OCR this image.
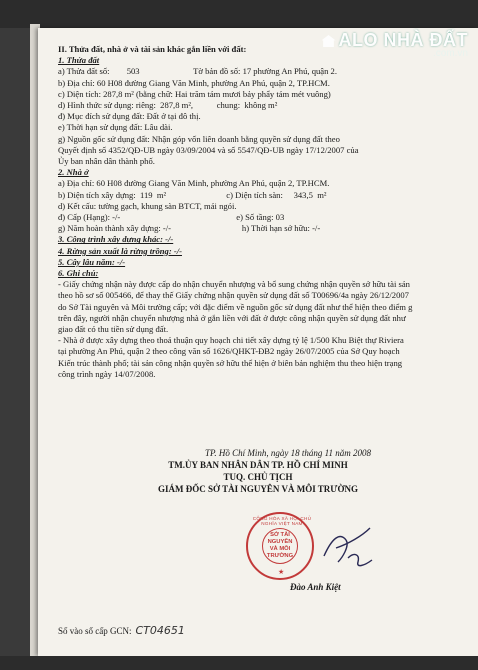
ALO NHÀ ĐẤT
.com.vn
II. Thửa đất, nhà ở và tài sản khác gắn liền với đất:
1. Thửa đất
a) Thửa đất số:        503                         Tờ bản đồ số: 17 phường An Phú, quận 2.
b) Địa chỉ: 60 H08 đường Giang Văn Minh, phường An Phú, quận 2, TP.HCM.
c) Diện tích: 287,8 m² (bằng chữ: Hai trăm tám mươi bảy phẩy tám mét vuông)
d) Hình thức sử dụng: riêng:  287,8 m²,           chung:  không m²
đ) Mục đích sử dụng đất: Đất ở tại đô thị.
e) Thời hạn sử dụng đất: Lâu dài.
g) Nguồn gốc sử dụng đất: Nhận góp vốn liên doanh bằng quyền sử dụng đất theo
Quyết định số 4352/QĐ-UB ngày 03/09/2004 và số 5547/QĐ-UB ngày 17/12/2007 của
Ủy ban nhân dân thành phố.
2. Nhà ở
a) Địa chỉ: 60 H08 đường Giang Văn Minh, phường An Phú, quận 2, TP.HCM.
b) Diện tích xây dựng:  119  m²                            c) Diện tích sàn:     343,5  m²
d) Kết cấu: tường gạch, khung sàn BTCT, mái ngói.
đ) Cấp (Hạng): -/-                                                      e) Số tầng: 03
g) Năm hoàn thành xây dựng: -/-                                 h) Thời hạn sở hữu: -/-
3. Công trình xây dựng khác: -/-
4. Rừng sản xuất là rừng trồng: -/-
5. Cây lâu năm: -/-
6. Ghi chú:
- Giấy chứng nhận này được cấp do nhận chuyển nhượng và bổ sung chứng nhận quyền sở hữu tài sản
theo hồ sơ số 005466, để thay thế Giấy chứng nhận quyền sử dụng đất số T00696/4a ngày 26/12/2007
do Sở Tài nguyên và Môi trường cấp; với đặc điểm về nguồn gốc sử dụng đất như thể hiện theo điểm g
trên đây, người nhận chuyển nhượng nhà ở gắn liền với đất ở được công nhận quyền sử dụng đất như
giao đất có thu tiền sử dụng đất.
- Nhà ở được xây dựng theo thoả thuận quy hoạch chi tiết xây dựng tỷ lệ 1/500 Khu Biệt thự Riviera
tại phường An Phú, quận 2 theo công văn số 1626/QHKT-ĐB2 ngày 26/07/2005 của Sở Quy hoạch
Kiến trúc thành phố; tài sản công nhận quyền sở hữu thể hiện ở biên bản nghiệm thu theo hiện trạng
công trình ngày 14/07/2008.
TP. Hồ Chí Minh, ngày 18 tháng 11 năm 2008
TM.ỦY BAN NHÂN DÂN TP. HỒ CHÍ MINH
TUQ. CHỦ TỊCH
GIÁM ĐỐC SỞ TÀI NGUYÊN VÀ MÔI TRƯỜNG
CỘNG HÒA XÃ HỘI CHỦ NGHĨA VIỆT NAM
SỞ TÀI NGUYÊN VÀ MÔI TRƯỜNG
★
Đào Anh Kiệt
Số vào sổ cấp GCN: CT04651
